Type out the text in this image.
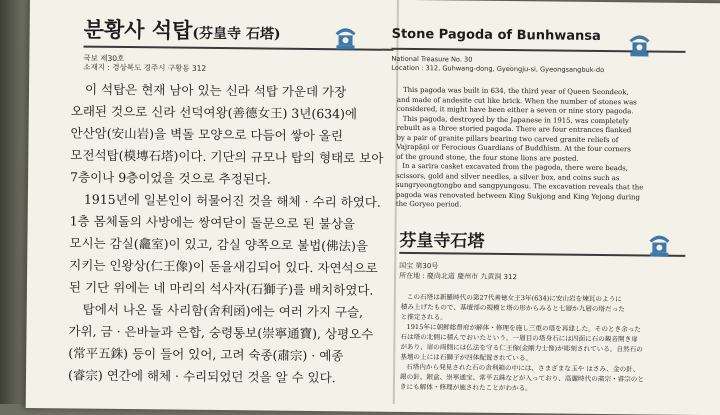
분황사 석탑(芬皇寺 石塔)
국보 제30호
소재지 : 경상북도 경주시 구황동 312
이 석탑은 현재 남아 있는 신라 석탑 가운데 가장
오래된 것으로 신라 선덕여왕(善德女王) 3년(634)에
안산암(安山岩)을 벽돌 모양으로 다듬어 쌓아 올린
모전석탑(模塼石塔)이다. 기단의 규모나 탑의 형태로 보아
7층이나 9층이었을 것으로 추정된다.
1915년에 일본인이 허물어진 것을 해체 · 수리 하였다.
1층 몸체돌의 사방에는 쌍여닫이 돌문으로 된 불상을
모시는 감실(龕室)이 있고, 감실 양쪽으로 불법(佛法)을
지키는 인왕상(仁王像)이 돋을새김되어 있다. 자연석으로
된 기단 위에는 네 마리의 석사자(石獅子)를 배치하였다.
탑에서 나온 돌 사리함(舍利函)에는 여러 가지 구슬,
가위, 금 · 은바늘과 은합, 숭령통보(崇寧通寶), 상평오수
(常平五銖) 등이 들어 있어, 고려 숙종(肅宗) · 예종
(睿宗) 연간에 해체 · 수리되었던 것을 알 수 있다.
Stone Pagoda of Bunhwansa
National Treasure No. 30
Location : 312, Guhwang-dong, Gyeongju-si, Gyeongsangbuk-do
This pagoda was built in 634, the third year of Queen Seondeok,
and made of andesite cut like brick. When the number of stones was
considered, it might have been either a seven or nine story pagoda.
This pagoda, destroyed by the Japanese in 1915, was completely
rebuilt as a three storied pagoda. There are four entrances flanked
by a pair of granite pillars bearing two carved granite reliefs of
Vajrapāṇi or Ferocious Guardians of Buddhism. At the four corners
of the ground stone, the four stone lions are posted.
In a sarira casket excavated from the pagoda, there were beads,
scissors, gold and silver needles, a silver box, and coins such as
sungryeongtongbo and sangpyungosu. The excavation reveals that the
pagoda was renovated between King Sukjong and King Yejong during
the Goryeo period.
芬皇寺石塔
国宝 第30号
所在地 : 慶尚北道 慶州市 九黄洞 312
この石塔は新羅時代の第27代善徳女王3年(634)に安山岩を煉瓦のように
積み上げたもので、基壇部の規模と塔の形からみると七層か九層の塔だった
と推定される。
1915年に朝鮮総督府が解体・修理を施し三重の塔を再建した。そのとき余った
石は塔の北側に積んでおいたという。一層目の塔身石には四面に石の観音開き扉
があり、扉の両側には仏法を守る仁王像(金剛力士像)が彫刻されている。自然石の
基壇の上には石獅子が四体配置されている。
石塔内から発見された石の舎利箱の中には、さまざまな玉や はさみ、金の針、
銀の針、銀盒、崇寧通宝、常平五銖などが入っており、高麗時代の粛宗・睿宗のと
きにも解体・修理が施されたことがわかる。
